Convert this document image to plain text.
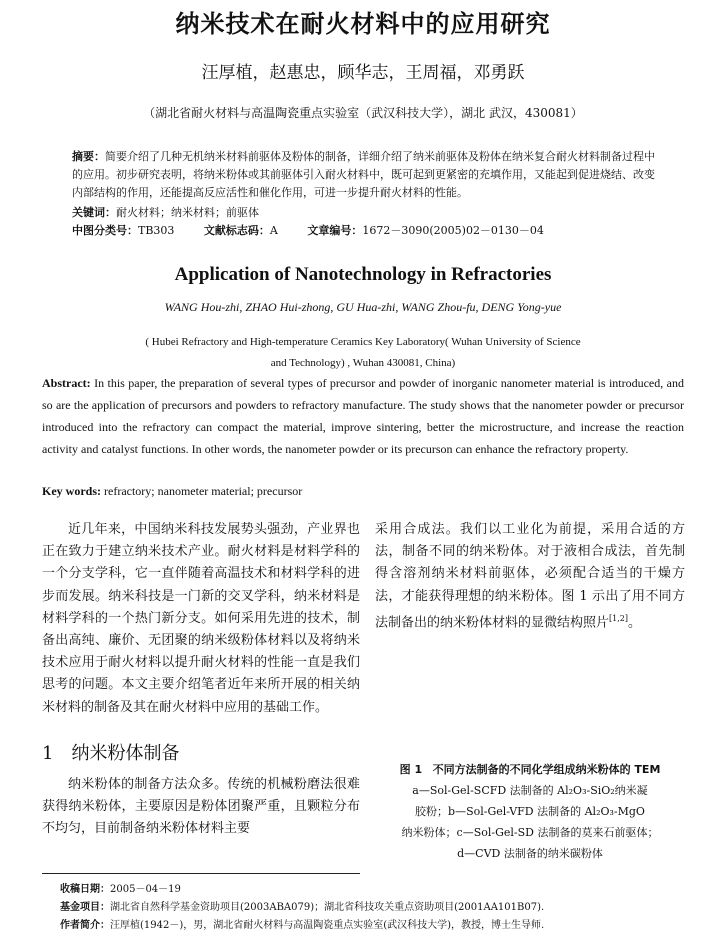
纳米技术在耐火材料中的应用研究
汪厚植，赵惠忠，顾华志，王周福，邓勇跃
（湖北省耐火材料与高温陶瓷重点实验室（武汉科技大学），湖北 武汉，430081）
摘要：简要介绍了几种无机纳米材料前驱体及粉体的制备，详细介绍了纳米前驱体及粉体在纳米复合耐火材料制备过程中的应用。初步研究表明，将纳米粉体或其前驱体引入耐火材料中，既可起到更紧密的充填作用，又能起到促进烧结、改变内部结构的作用，还能提高反应活性和催化作用，可进一步提升耐火材料的性能。
关键词：耐火材料；纳米材料；前驱体
中图分类号：TB303	文献标志码：A	文章编号：1672－3090(2005)02－0130－04
Application of Nanotechnology in Refractories
WANG Hou-zhi, ZHAO Hui-zhong, GU Hua-zhi, WANG Zhou-fu, DENG Yong-yue
( Hubei Refractory and High-temperature Ceramics Key Laboratory( Wuhan University of Science
and Technology) , Wuhan 430081, China)
Abstract: In this paper, the preparation of several types of precursor and powder of inorganic nanometer material is introduced, and so are the application of precursors and powders to refractory manufacture. The study shows that the nanometer powder or precursor introduced into the refractory can compact the material, improve sintering, better the microstructure, and increase the reaction activity and catalyst functions. In other words, the nanometer powder or its precurson can enhance the refractory property.
Key words: refractory; nanometer material; precursor

近几年来，中国纳米科技发展势头强劲，产业界也正在致力于建立纳米技术产业。耐火材料是材料学科的一个分支学科，它一直伴随着高温技术和材料学科的进步而发展。纳米科技是一门新的交叉学科，纳米材料是材料学科的一个热门新分支。如何采用先进的技术，制备出高纯、廉价、无团聚的纳米级粉体材料以及将纳米技术应用于耐火材料以提升耐火材料的性能一直是我们思考的问题。本文主要介绍笔者近年来所开展的相关纳米材料的制备及其在耐火材料中应用的基础工作。

1　纳米粉体制备

纳米粉体的制备方法众多。传统的机械粉磨法很难获得纳米粉体，主要原因是粉体团聚严重，且颗粒分布不均匀，目前制备纳米粉体材料主要

采用合成法。我们以工业化为前提，采用合适的方法，制备不同的纳米粉体。对于液相合成法，首先制得含溶剂纳米材料前驱体，必须配合适当的干燥方法，才能获得理想的纳米粉体。图 1 示出了用不同方法制备出的纳米粉体材料的显微结构照片[1,2]。

图 1 不同方法制备的不同化学组成纳米粉体的 TEM
a—Sol-Gel-SCFD 法制备的 Al₂O₃-SiO₂纳米凝
胶粉；b—Sol-Gel-VFD 法制备的 Al₂O₃-MgO
纳米粉体；c—Sol-Gel-SD 法制备的莫来石前驱体；
d—CVD 法制备的纳米碳粉体
收稿日期：2005－04－19
基金项目：湖北省自然科学基金资助项目(2003ABA079)；湖北省科技攻关重点资助项目(2001AA101B07).
作者简介：汪厚植(1942－)，男，湖北省耐火材料与高温陶瓷重点实验室(武汉科技大学)，教授，博士生导师.
